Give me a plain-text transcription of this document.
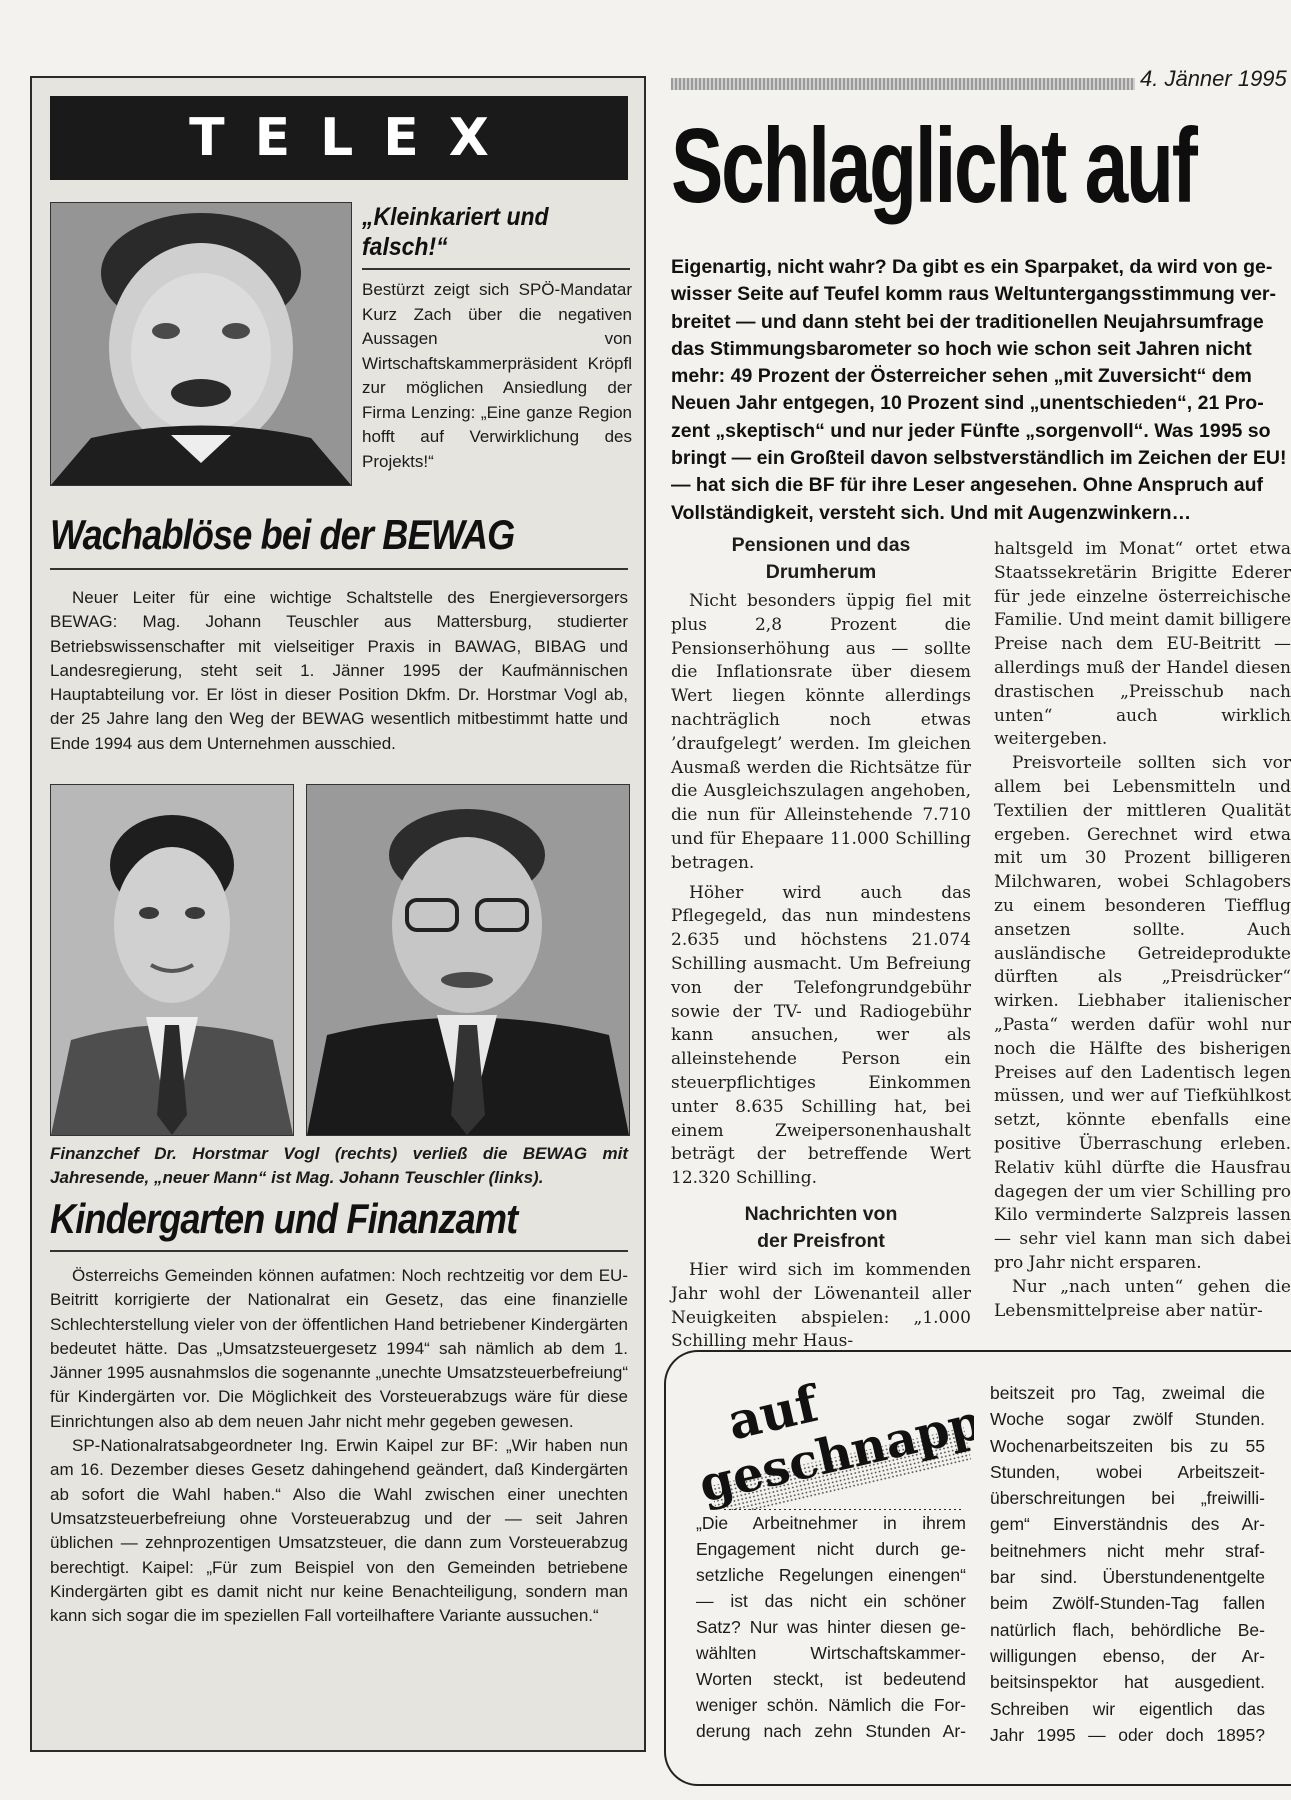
TELEX
„Kleinkariert und falsch!“
Bestürzt zeigt sich SPÖ-Mandatar Kurz Zach über die negativen Aussagen von Wirtschaftskammerpräsident Kröpfl zur möglichen Ansiedlung der Firma Lenzing: „Eine ganze Region hofft auf Verwirklichung des Projekts!“
Wachablöse bei der BEWAG

Neuer Leiter für eine wichtige Schaltstelle des Energieversorgers BEWAG: Mag. Johann Teuschler aus Mattersburg, studierter Betriebswissenschafter mit vielseitiger Praxis in BAWAG, BIBAG und Landesregierung, steht seit 1. Jänner 1995 der Kaufmännischen Hauptabteilung vor. Er löst in dieser Position Dkfm. Dr. Horstmar Vogl ab, der 25 Jahre lang den Weg der BEWAG wesentlich mitbestimmt hatte und Ende 1994 aus dem Unternehmen ausschied.

Finanzchef Dr. Horstmar Vogl (rechts) verließ die BEWAG mit Jahresende, „neuer Mann“ ist Mag. Johann Teuschler (links).
Kindergarten und Finanzamt

Österreichs Gemeinden können aufatmen: Noch rechtzeitig vor dem EU-Beitritt korrigierte der Nationalrat ein Gesetz, das eine finanzielle Schlechterstellung vieler von der öffentlichen Hand betriebener Kindergärten bedeutet hätte. Das „Umsatzsteuergesetz 1994“ sah nämlich ab dem 1. Jänner 1995 ausnahmslos die sogenannte „unechte Umsatzsteuerbefreiung“ für Kindergärten vor. Die Möglichkeit des Vorsteuerabzugs wäre für diese Einrichtungen also ab dem neuen Jahr nicht mehr gegeben gewesen.

SP-Nationalratsabgeordneter Ing. Erwin Kaipel zur BF: „Wir haben nun am 16. Dezember dieses Gesetz dahingehend geändert, daß Kindergärten ab sofort die Wahl haben.“ Also die Wahl zwischen einer unechten Umsatzsteuerbefreiung ohne Vorsteuerabzug und der — seit Jahren üblichen — zehnprozentigen Umsatzsteuer, die dann zum Vorsteuerabzug berechtigt. Kaipel: „Für zum Beispiel von den Gemeinden betriebene Kindergärten gibt es damit nicht nur keine Benachteiligung, sondern man kann sich sogar die im speziellen Fall vorteilhaftere Variante aussuchen.“

4. Jänner 1995
Schlaglicht auf
Eigenartig, nicht wahr? Da gibt es ein Sparpaket, da wird von ge-
wisser Seite auf Teufel komm raus Weltuntergangsstimmung ver-
breitet — und dann steht bei der traditionellen Neujahrsumfrage
das Stimmungsbarometer so hoch wie schon seit Jahren nicht
mehr: 49 Prozent der Österreicher sehen „mit Zuversicht“ dem
Neuen Jahr entgegen, 10 Prozent sind „unentschieden“, 21 Pro-
zent „skeptisch“ und nur jeder Fünfte „sorgenvoll“. Was 1995 so
bringt — ein Großteil davon selbstverständlich im Zeichen der EU!
— hat sich die BF für ihre Leser angesehen. Ohne Anspruch auf
Vollständigkeit, versteht sich. Und mit Augenzwinkern…
Pensionen und das Drumherum

Nicht besonders üppig fiel mit plus 2,8 Prozent die Pensionserhöhung aus — sollte die Inflationsrate über diesem Wert liegen könnte allerdings nachträglich noch etwas ’draufgelegt’ werden. Im gleichen Ausmaß werden die Richtsätze für die Ausgleichszulagen angehoben, die nun für Alleinstehende 7.710 und für Ehepaare 11.000 Schilling betragen.

Höher wird auch das Pflegegeld, das nun mindestens 2.635 und höchstens 21.074 Schilling ausmacht. Um Befreiung von der Telefongrundgebühr sowie der TV- und Radiogebühr kann ansuchen, wer als alleinstehende Person ein steuerpflichtiges Einkommen unter 8.635 Schilling hat, bei einem Zweipersonenhaushalt beträgt der betreffende Wert 12.320 Schilling.

Nachrichten von der Preisfront

Hier wird sich im kommenden Jahr wohl der Löwenanteil aller Neuigkeiten abspielen: „1.000 Schilling mehr Haus-

haltsgeld im Monat“ ortet etwa Staatssekretärin Brigitte Ederer für jede einzelne österreichische Familie. Und meint damit billigere Preise nach dem EU-Beitritt — allerdings muß der Handel diesen drastischen „Preisschub nach unten“ auch wirklich weitergeben.

Preisvorteile sollten sich vor allem bei Lebensmitteln und Textilien der mittleren Qualität ergeben. Gerechnet wird etwa mit um 30 Prozent billigeren Milchwaren, wobei Schlagobers zu einem besonderen Tiefflug ansetzen sollte. Auch ausländische Getreideprodukte dürften als „Preisdrücker“ wirken. Liebhaber italienischer „Pasta“ werden dafür wohl nur noch die Hälfte des bisherigen Preises auf den Ladentisch legen müssen, und wer auf Tiefkühlkost setzt, könnte ebenfalls eine positive Überraschung erleben. Relativ kühl dürfte die Hausfrau dagegen der um vier Schilling pro Kilo verminderte Salzpreis lassen — sehr viel kann man sich dabei pro Jahr nicht ersparen.

Nur „nach unten“ gehen die Lebensmittelpreise aber natür-

auf
geschnappt
„Die Arbeitnehmer in ihrem
Engagement nicht durch ge-
setzliche Regelungen einengen“
— ist das nicht ein schöner
Satz? Nur was hinter diesen ge-
wählten Wirtschaftskammer-
Worten steckt, ist bedeutend
weniger schön. Nämlich die For-
derung nach zehn Stunden Ar-
beitszeit pro Tag, zweimal die
Woche sogar zwölf Stunden.
Wochenarbeitszeiten bis zu 55
Stunden, wobei Arbeitszeit-
überschreitungen bei „freiwilli-
gem“ Einverständnis des Ar-
beitnehmers nicht mehr straf-
bar sind. Überstundenentgelte
beim Zwölf-Stunden-Tag fallen
natürlich flach, behördliche Be-
willigungen ebenso, der Ar-
beitsinspektor hat ausgedient.
Schreiben wir eigentlich das
Jahr 1995 — oder doch 1895?
